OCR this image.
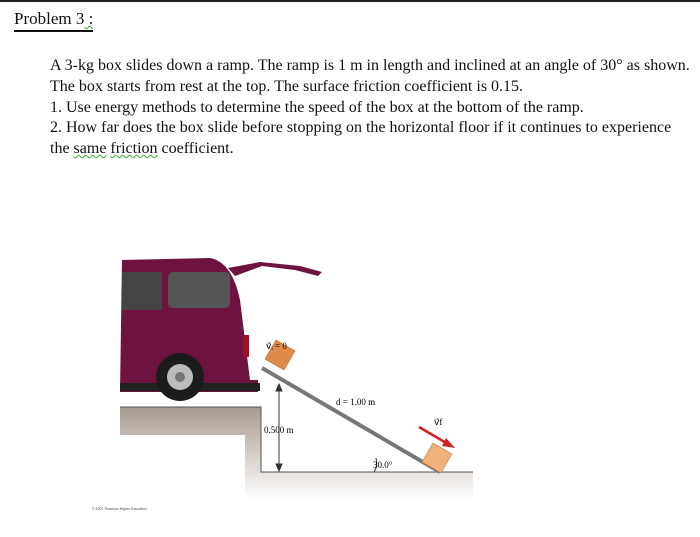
Problem 3 :

A 3-kg box slides down a ramp. The ramp is 1 m in length and inclined at an angle of 30° as shown. The box starts from rest at the top. The surface friction coefficient is 0.15.

1. Use energy methods to determine the speed of the box at the bottom of the ramp.

2. How far does the box slide before stopping on the horizontal floor if it continues to experience the same friction coefficient.

v⃗ᵢ = 0
d = 1.00 m
0.500 m
30.0°
v⃗f
© 2007 Thomson Higher Education
